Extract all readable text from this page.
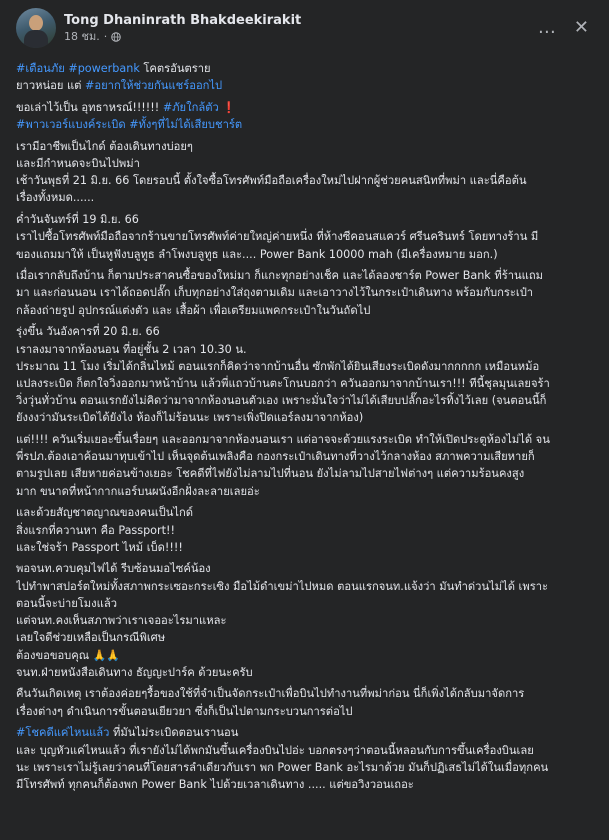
Tong Dhaninrath Bhakdeekirakit
18 ชม. ·	… ✕
#เตือนภัย #powerbank โคตรอันตราย
ยาวหน่อย แต่ #อยากให้ช่วยกันแชร์ออกไป
ขอเล่าไว้เป็น อุทธาหรณ์!!!!!! #ภัยใกล้ตัว ❗
#พาวเวอร์แบงค์ระเบิด #ทั้งๆที่ไม่ได้เสียบชาร์ต
เรามีอาชีพเป็นไกด์ ต้องเดินทางบ่อยๆ
และมีกำหนดจะบินไปพม่า
เช้าวันพุธที่ 21 มิ.ย. 66 โดยรอบนี้ ตั้งใจซื้อโทรศัพท์มือถือเครื่องใหม่ไปฝากผู้ช่วยคนสนิทที่พม่า และนี่คือต้น
เรื่องทั้งหมด......
ค่ำวันจันทร์ที่ 19 มิ.ย. 66
เราไปซื้อโทรศัพท์มือถือจากร้านขายโทรศัพท์ค่ายใหญ่ค่ายหนึ่ง ที่ห้างซีคอนสแควร์ ศรีนครินทร์ โดยทางร้าน มี
ของแถมมาให้ เป็นหูฟังบลูทูธ ลำโพงบลูทูธ และ.... Power Bank 10000 mah (มีเครื่องหมาย มอก.)
เมื่อเรากลับถึงบ้าน ก็ตามประสาคนซื้อของใหม่มา ก็แกะทุกอย่างเช็ค และได้ลองชาร์ต Power Bank ที่ร้านแถม
มา และก่อนนอน เราได้ถอดปลั๊ก เก็บทุกอย่างใส่ถุงตามเดิม และเอาวางไว้ในกระเป๋าเดินทาง พร้อมกับกระเป๋า
กล้องถ่ายรูป อุปกรณ์แต่งตัว และ เสื้อผ้า เพื่อเตรียมแพคกระเป๋าในวันถัดไป
รุ่งขึ้น วันอังคารที่ 20 มิ.ย. 66
เราลงมาจากห้องนอน ที่อยู่ชั้น 2 เวลา 10.30 น.
ประมาณ 11 โมง เริ่มได้กลิ่นไหม้ ตอนแรกก็คิดว่าจากบ้านอื่น ซักพักได้ยินเสียงระเบิดดังมากกกกก เหมือนหม้อ
แปลงระเบิด ก็ตกใจวิ่งออกมาหน้าบ้าน แล้วพี่แถวบ้านตะโกนบอกว่า ควันออกมาจากบ้านเรา!!! ทีนี้ชุลมุนเลยจร้า
วิ่งวุ่นทั่วบ้าน ตอนแรกยังไม่คิดว่ามาจากห้องนอนตัวเอง เพราะมั่นใจว่าไม่ได้เสียบปลั๊กอะไรทิ้งไว้เลย (จนตอนนี้ก็
ยังงงว่ามันระเบิดได้ยังไง ห้องก็ไม่ร้อนนะ เพราะเพิ่งปิดแอร์ลงมาจากห้อง)
แต่!!!! ควันเริ่มเยอะขึ้นเรื่อยๆ และออกมาจากห้องนอนเรา แต่อาจจะด้วยแรงระเบิด ทำให้เปิดประตูห้องไม่ได้ จน
พี่รปภ.ต้องเอาค้อนมาทุบเข้าไป เห็นจุดต้นเพลิงคือ กองกระเป๋าเดินทางที่วางไว้กลางห้อง สภาพความเสียหายก็
ตามรูปเลย เสียหายค่อนข้างเยอะ โชคดีที่ไฟยังไม่ลามไปที่นอน ยังไม่ลามไปสายไฟต่างๆ แต่ความร้อนคงสูง
มาก ขนาดที่หน้ากากแอร์บนผนังอีกฝั่งละลายเลยอ่ะ
และด้วยสัญชาตญาณของคนเป็นไกด์
สิ่งแรกที่ควานหา คือ Passport!!
และใช่จร้า Passport ไหม้ เบ็ด!!!!
พอจนท.ควบคุมไฟได้ รีบซ้อนมอไซค์น้อง
ไปทำพาสปอร์ตใหม่ทั้งสภาพกระเซอะกระเซิง มือไม้ดำเขม่าไปหมด ตอนแรกจนท.แจ้งว่า มันทำด่วนไม่ได้ เพราะ
ตอนนี้จะบ่ายโมงแล้ว
แต่จนท.คงเห็นสภาพว่าเราเจออะไรมาแหละ
เลยใจดีช่วยเหลือเป็นกรณีพิเศษ
ต้องขอขอบคุณ 🙏🙏
จนท.ฝ่ายหนังสือเดินทาง ธัญญะปาร์ค ด้วยนะครับ
คืนวันเกิดเหตุ เราต้องค่อยๆรื้อของใช้ที่จำเป็นจัดกระเป๋าเพื่อบินไปทำงานที่พม่าก่อน นี่ก็เพิ่งได้กลับมาจัดการ
เรื่องต่างๆ ดำเนินการขั้นตอนเยียวยา ซึ่งก็เป็นไปตามกระบวนการต่อไป
#โชคดีแค่ไหนแล้ว ที่มันไม่ระเบิดตอนเรานอน
และ บุญหัวแค่ไหนแล้ว ที่เรายังไม่ได้พกมันขึ้นเครื่องบินไปอ่ะ บอกตรงๆว่าตอนนี้หลอนกับการขึ้นเครื่องบินเลย
นะ เพราะเราไม่รู้เลยว่าคนที่โดยสารลำเดียวกับเรา พก Power Bank อะไรมาด้วย มันก็ปฏิเสธไม่ได้ในเมื่อทุกคน
มีโทรศัพท์ ทุกคนก็ต้องพก Power Bank ไปด้วยเวลาเดินทาง ..... แต่ขอวิงวอนเถอะ
